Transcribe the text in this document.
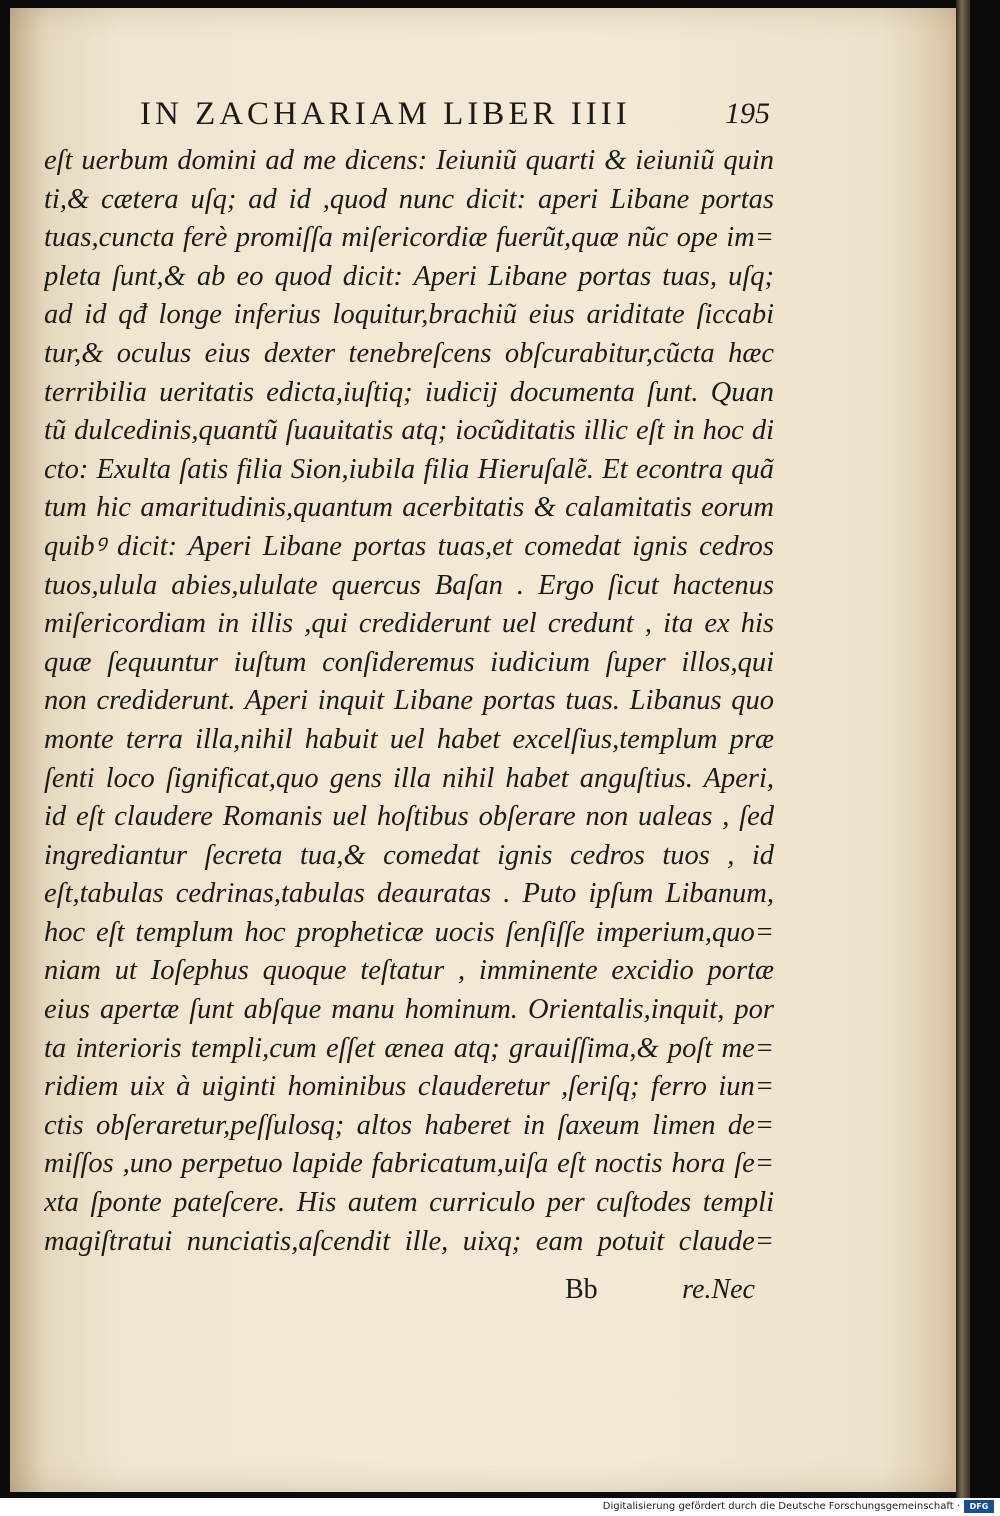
IN ZACHARIAM LIBER IIII	195
eſt uerbum domini ad me dicens: Ieiuniũ quarti & ieiuniũ quin
ti,& cætera uſq; ad id ,quod nunc dicit: aperi Libane portas
tuas,cuncta ferè promiſſa miſericordiæ fuerũt,quæ nũc ope im=
pleta ſunt,& ab eo quod dicit: Aperi Libane portas tuas, uſq;
ad id qđ longe inferius loquitur,brachiũ eius ariditate ſiccabi
tur,& oculus eius dexter tenebreſcens obſcurabitur,cũcta hæc
terribilia ueritatis edicta,iuſtiq; iudicij documenta ſunt. Quan
tũ dulcedinis,quantũ ſuauitatis atq; iocũditatis illic eſt in hoc di
cto: Exulta ſatis filia Sion,iubila filia Hieruſalẽ. Et econtra quã
tum hic amaritudinis,quantum acerbitatis & calamitatis eorum
quibꝰ dicit: Aperi Libane portas tuas,et comedat ignis cedros
tuos,ulula abies,ululate quercus Baſan . Ergo ſicut hactenus
miſericordiam in illis ,qui crediderunt uel credunt , ita ex his
quæ ſequuntur iuſtum conſideremus iudicium ſuper illos,qui
non crediderunt. Aperi inquit Libane portas tuas. Libanus quo
monte terra illa,nihil habuit uel habet excelſius,templum præ
ſenti loco ſignificat,quo gens illa nihil habet anguſtius. Aperi,
id eſt claudere Romanis uel hoſtibus obſerare non ualeas , ſed
ingrediantur ſecreta tua,& comedat ignis cedros tuos , id
eſt,tabulas cedrinas,tabulas deauratas . Puto ipſum Libanum,
hoc eſt templum hoc propheticæ uocis ſenſiſſe imperium,quo=
niam ut Ioſephus quoque teſtatur , imminente excidio portæ
eius apertæ ſunt abſque manu hominum. Orientalis,inquit, por
ta interioris templi,cum eſſet ænea atq; grauiſſima,& poſt me=
ridiem uix à uiginti hominibus clauderetur ,ſeriſq; ferro iun=
ctis obſeraretur,peſſulosq; altos haberet in ſaxeum limen de=
miſſos ,uno perpetuo lapide fabricatum,uiſa eſt noctis hora ſe=
xta ſponte pateſcere. His autem curriculo per cuſtodes templi
magiſtratui nunciatis,aſcendit ille, uixq; eam potuit claude=
Bb	re.Nec
Digitalisierung gefördert durch die Deutsche Forschungsgemeinschaft ·	DFG
